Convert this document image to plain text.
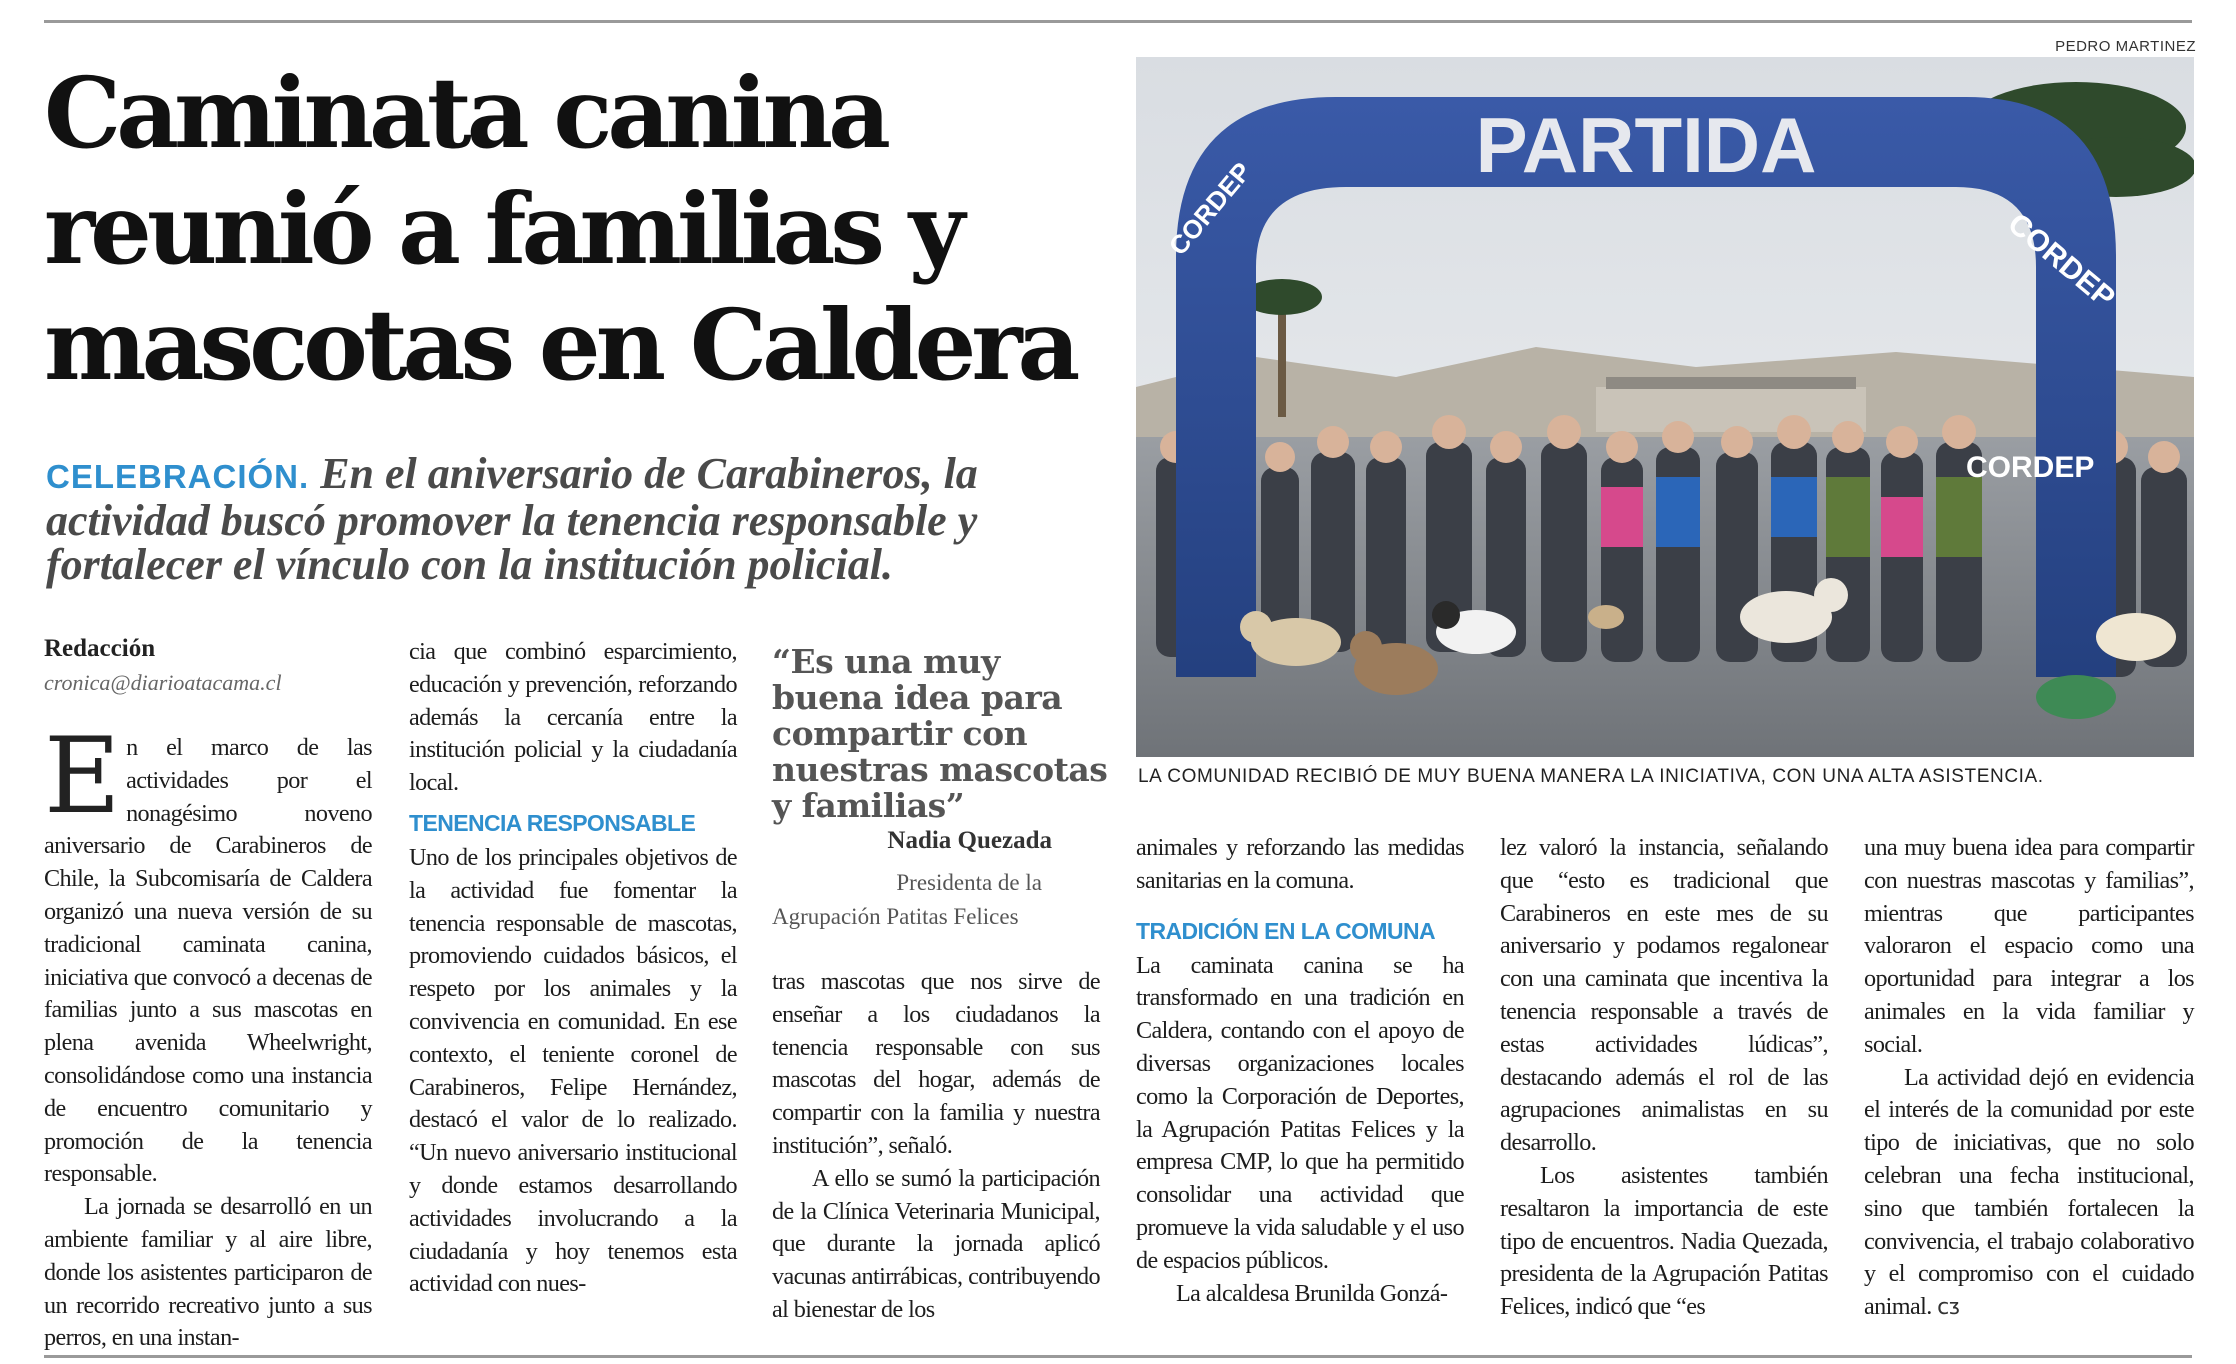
PEDRO MARTINEZ
Caminata canina reunió a familias y mascotas en Caldera

CELEBRACIÓN. En el aniversario de Carabineros, la actividad buscó promover la tenencia responsable y fortalecer el vínculo con la institución policial.

Redacción
cronica@diarioatacama.cl

En el marco de las actividades por el nonagésimo noveno aniversario de Carabineros de Chile, la Subcomisaría de Caldera organizó una nueva versión de su tradicional caminata canina, iniciativa que convocó a decenas de familias junto a sus mascotas en plena avenida Wheelwright, consolidándose como una instancia de encuentro comunitario y promoción de la tenencia responsable.

La jornada se desarrolló en un ambiente familiar y al aire libre, donde los asistentes participaron de un recorrido recreativo junto a sus perros, en una instan-

cia que combinó esparcimiento, educación y prevención, reforzando además la cercanía entre la institución policial y la ciudadanía local.

TENENCIA RESPONSABLE

Uno de los principales objetivos de la actividad fue fomentar la tenencia responsable de mascotas, promoviendo cuidados básicos, el respeto por los animales y la convivencia en comunidad. En ese contexto, el teniente coronel de Carabineros, Felipe Hernández, destacó el valor de lo realizado. “Un nuevo aniversario institucional y donde estamos desarrollando actividades involucrando a la ciudadanía y hoy tenemos esta actividad con nues-

“Es una muy buena idea para compartir con nuestras mascotas y familias”

Nadia Quezada
Presidenta de la
Agrupación Patitas Felices

tras mascotas que nos sirve de enseñar a los ciudadanos la tenencia responsable con sus mascotas del hogar, además de compartir con la familia y nuestra institución”, señaló.

A ello se sumó la participación de la Clínica Veterinaria Municipal, que durante la jornada aplicó vacunas antirrábicas, contribuyendo al bienestar de los

PARTIDA
CORDEP
CORDEP
CORDEP
LA COMUNIDAD RECIBIÓ DE MUY BUENA MANERA LA INICIATIVA, CON UNA ALTA ASISTENCIA.

animales y reforzando las medidas sanitarias en la comuna.

TRADICIÓN EN LA COMUNA

La caminata canina se ha transformado en una tradición en Caldera, contando con el apoyo de diversas organizaciones locales como la Corporación de Deportes, la Agrupación Patitas Felices y la empresa CMP, lo que ha permitido consolidar una actividad que promueve la vida saludable y el uso de espacios públicos.

La alcaldesa Brunilda Gonzá-

lez valoró la instancia, señalando que “esto es tradicional que Carabineros en este mes de su aniversario y podamos regalonear con una caminata que incentiva la tenencia responsable a través de estas actividades lúdicas”, destacando además el rol de las agrupaciones animalistas en su desarrollo.

Los asistentes también resaltaron la importancia de este tipo de encuentros. Nadia Quezada, presidenta de la Agrupación Patitas Felices, indicó que “es

una muy buena idea para compartir con nuestras mascotas y familias”, mientras que participantes valoraron el espacio como una oportunidad para integrar a los animales en la vida familiar y social.

La actividad dejó en evidencia el interés de la comunidad por este tipo de iniciativas, que no solo celebran una fecha institucional, sino que también fortalecen la convivencia, el trabajo colaborativo y el compromiso con el cuidado animal. ᴄᴣ
